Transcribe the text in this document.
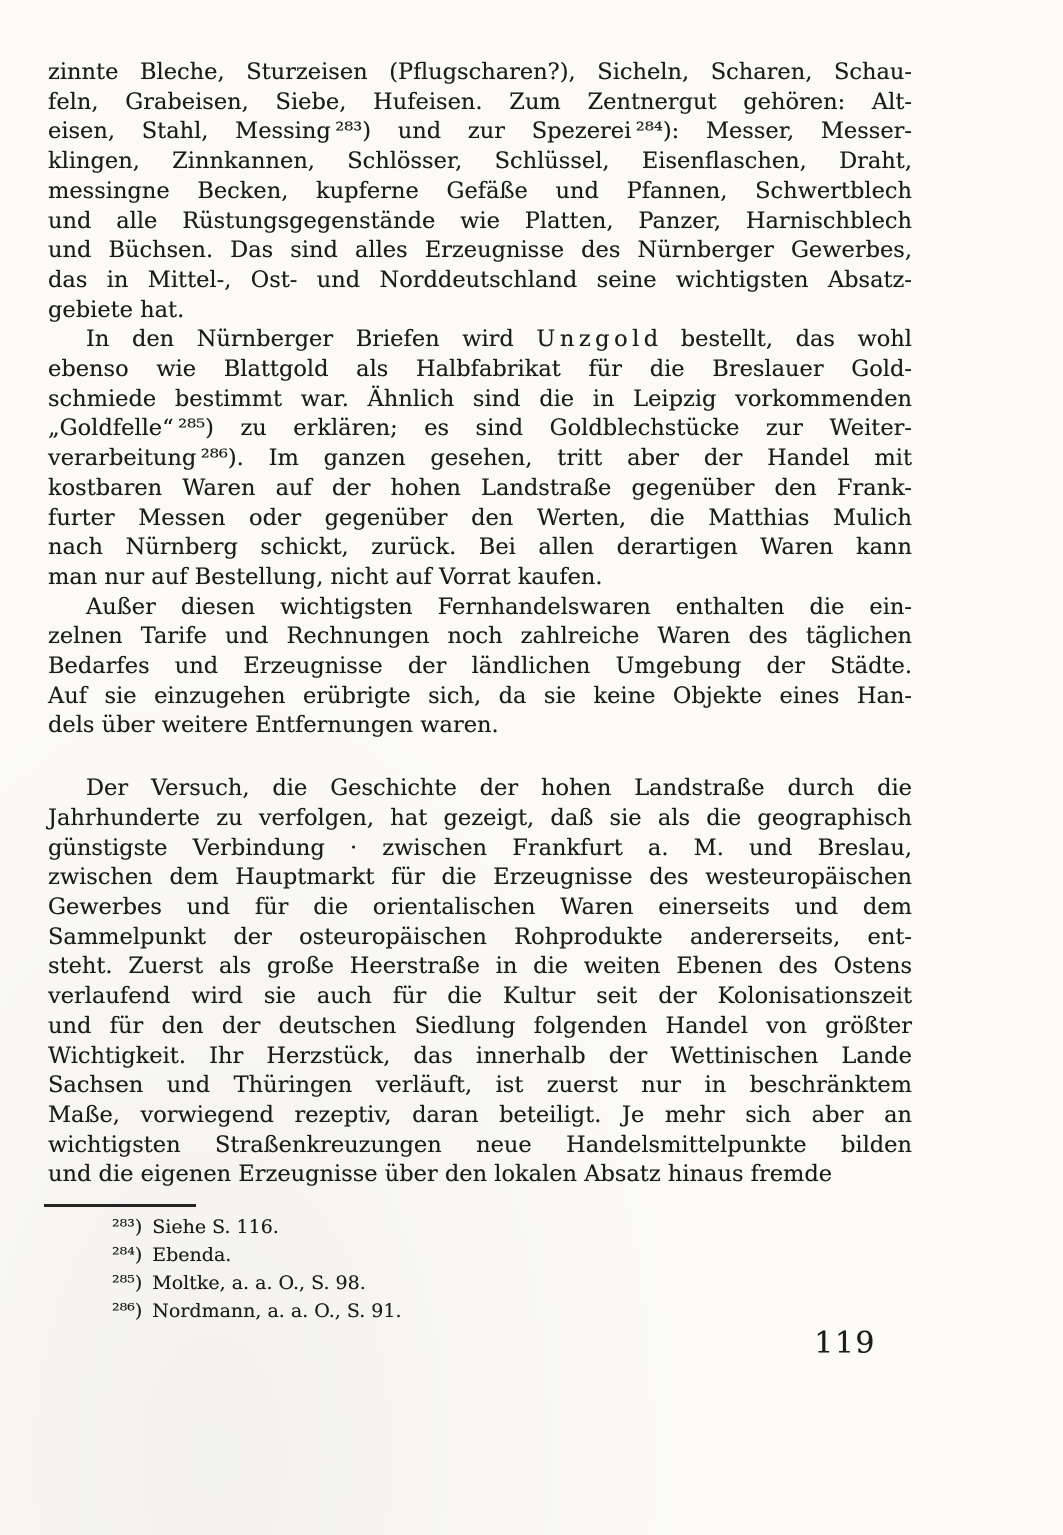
zinnte Bleche, Sturzeisen (Pflugscharen?), Sicheln, Scharen, Schau-
feln, Grabeisen, Siebe, Hufeisen. Zum Zentnergut gehören: Alt-
eisen, Stahl, Messing ²⁸³) und zur Spezerei ²⁸⁴): Messer, Messer-
klingen, Zinnkannen, Schlösser, Schlüssel, Eisenflaschen, Draht,
messingne Becken, kupferne Gefäße und Pfannen, Schwertblech
und alle Rüstungsgegenstände wie Platten, Panzer, Harnischblech
und Büchsen. Das sind alles Erzeugnisse des Nürnberger Gewerbes,
das in Mittel-, Ost- und Norddeutschland seine wichtigsten Absatz-
gebiete hat.
In den Nürnberger Briefen wird U n z g o l d bestellt, das wohl
ebenso wie Blattgold als Halbfabrikat für die Breslauer Gold-
schmiede bestimmt war. Ähnlich sind die in Leipzig vorkommenden
„Goldfelle“ ²⁸⁵) zu erklären; es sind Goldblechstücke zur Weiter-
verarbeitung ²⁸⁶). Im ganzen gesehen, tritt aber der Handel mit
kostbaren Waren auf der hohen Landstraße gegenüber den Frank-
furter Messen oder gegenüber den Werten, die Matthias Mulich
nach Nürnberg schickt, zurück. Bei allen derartigen Waren kann
man nur auf Bestellung, nicht auf Vorrat kaufen.
Außer diesen wichtigsten Fernhandelswaren enthalten die ein-
zelnen Tarife und Rechnungen noch zahlreiche Waren des täglichen
Bedarfes und Erzeugnisse der ländlichen Umgebung der Städte.
Auf sie einzugehen erübrigte sich, da sie keine Objekte eines Han-
dels über weitere Entfernungen waren.
Der Versuch, die Geschichte der hohen Landstraße durch die
Jahrhunderte zu verfolgen, hat gezeigt, daß sie als die geographisch
günstigste Verbindung · zwischen Frankfurt a. M. und Breslau,
zwischen dem Hauptmarkt für die Erzeugnisse des westeuropäischen
Gewerbes und für die orientalischen Waren einerseits und dem
Sammelpunkt der osteuropäischen Rohprodukte andererseits, ent-
steht. Zuerst als große Heerstraße in die weiten Ebenen des Ostens
verlaufend wird sie auch für die Kultur seit der Kolonisationszeit
und für den der deutschen Siedlung folgenden Handel von größter
Wichtigkeit. Ihr Herzstück, das innerhalb der Wettinischen Lande
Sachsen und Thüringen verläuft, ist zuerst nur in beschränktem
Maße, vorwiegend rezeptiv, daran beteiligt. Je mehr sich aber an
wichtigsten Straßenkreuzungen neue Handelsmittelpunkte bilden
und die eigenen Erzeugnisse über den lokalen Absatz hinaus fremde
²⁸³) Siehe S. 116.
²⁸⁴) Ebenda.
²⁸⁵) Moltke, a. a. O., S. 98.
²⁸⁶) Nordmann, a. a. O., S. 91.
119
